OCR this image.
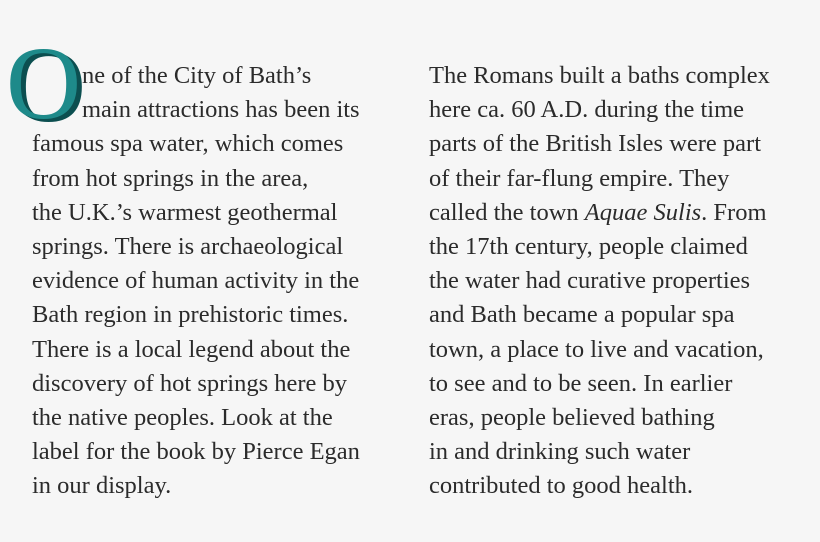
O ne of the City of Bath’s
main attractions has been its
famous spa water, which comes
from hot springs in the area,
the U.K.’s warmest geothermal
springs. There is archaeological
evidence of human activity in the
Bath region in prehistoric times.
There is a local legend about the
discovery of hot springs here by
the native peoples. Look at the
label for the book by Pierce Egan
in our display.
The Romans built a baths complex
here ca. 60 A.D. during the time
parts of the British Isles were part
of their far-flung empire. They
called the town Aquae Sulis. From
the 17th century, people claimed
the water had curative properties
and Bath became a popular spa
town, a place to live and vacation,
to see and to be seen. In earlier
eras, people believed bathing
in and drinking such water
contributed to good health.
